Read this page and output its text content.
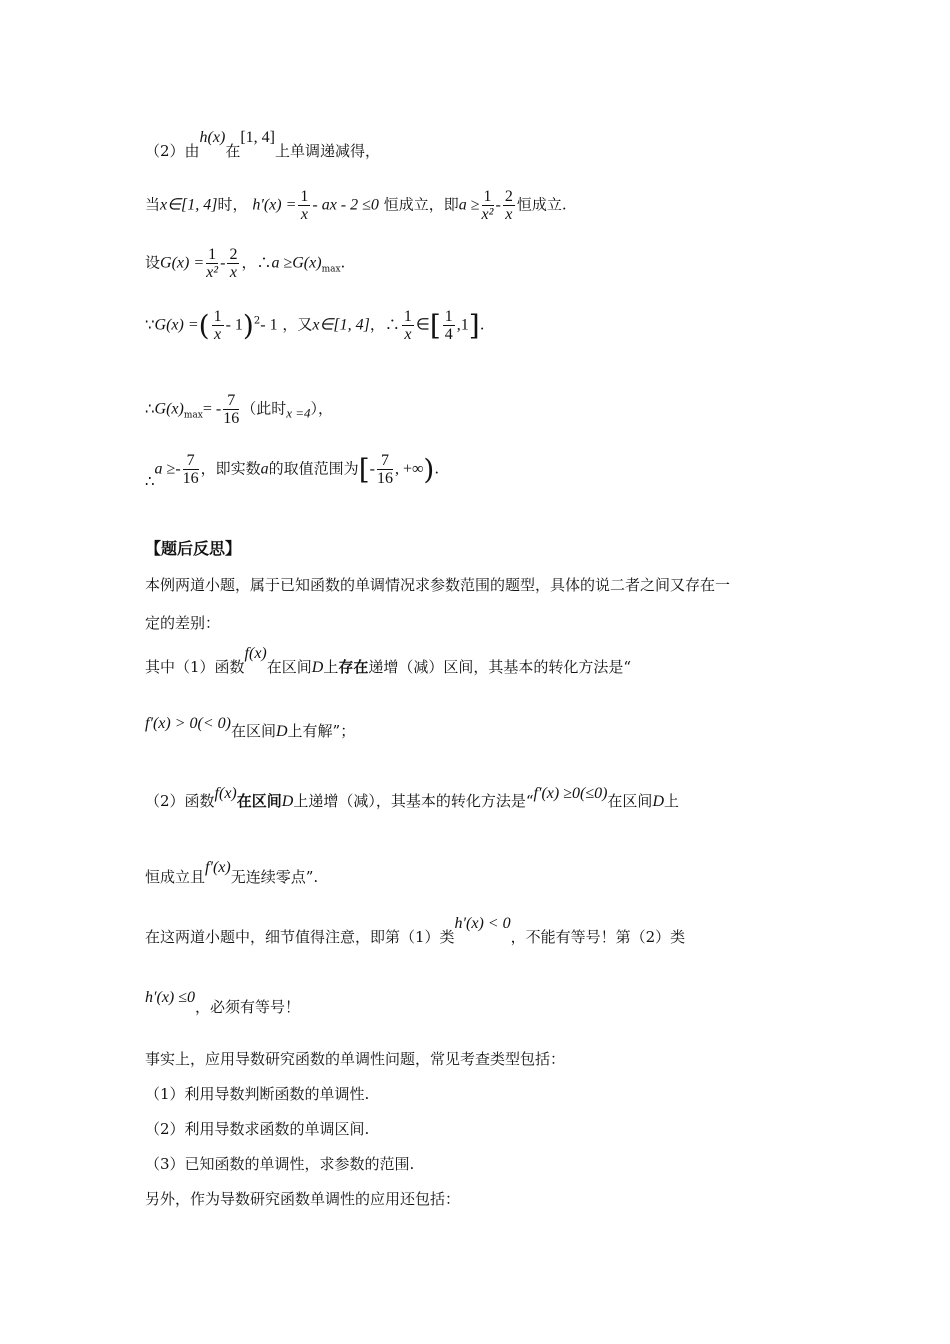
（2）由h(x)在[1, 4]上单调递减得，
当x∈[1, 4]时， $h'(x) = \frac{1}{x}$ - ax - 2 ≤0 恒成立，即$a \ge \frac{1}{\text{x²}} - \frac{2}{x}$ 恒成立.
设$G(x) = \frac{1}{\text{x²}} - \frac{2}{x}$ ，∴a $\ge G(x)_{max}$.
∵G(x) =( $\frac{1}{x} - 1)^2-$ 1 ，又x∈[1, 4]，∴ $\frac{1}{x}$ ∈[ $\frac{1}{4} ,1$].
$\therefore G(x)_{max}= - \frac{7}{16}$ （此时x =4），
∴a ≥- $\frac{7}{16}$ ，即实数a的取值范围为[- $\frac{7}{16}$ , +∞).
【题后反思】
本例两道小题，属于已知函数的单调情况求参数范围的题型，具体的说二者之间又存在一
定的差别：
其中（1）函数f(x)在区间D上存在递增（减）区间，其基本的转化方法是“
f′(x) > 0(< 0)在区间D上有解”；
（2）函数f(x)在区间D上递增（减），其基本的转化方法是“f′(x) ≥0(≤0)在区间D上
恒成立且f′(x)无连续零点”.
在这两道小题中，细节值得注意，即第（1）类h′(x) < 0，不能有等号！第（2）类
h′(x) ≤0，必须有等号！
事实上，应用导数研究函数的单调性问题，常见考查类型包括：
（1）利用导数判断函数的单调性.
（2）利用导数求函数的单调区间.
（3）已知函数的单调性，求参数的范围.
另外，作为导数研究函数单调性的应用还包括：
